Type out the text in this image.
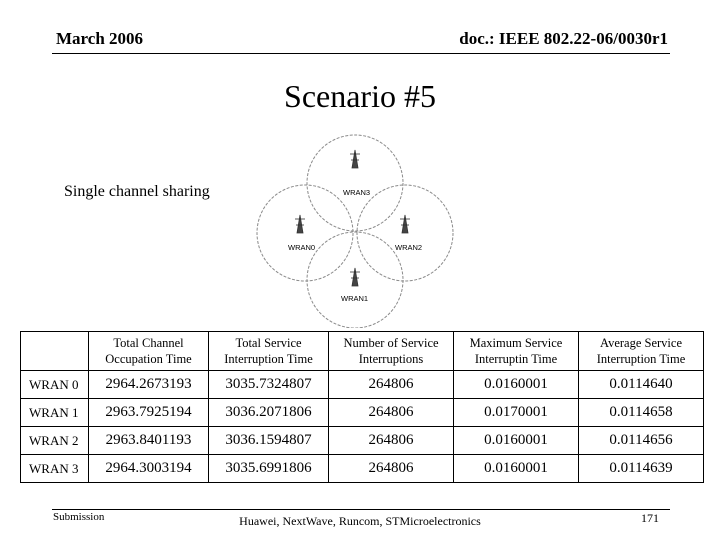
March 2006	doc.: IEEE 802.22-06/0030r1
Scenario #5
Single channel sharing	WRAN3
WRAN0	WRAN2
WRAN1
	Total Channel Occupation Time	Total Service Interruption Time	Number of Service Interruptions	Maximum Service Interruptin Time	Average Service Interruption Time
WRAN 0	2964.2673193	3035.7324807	264806	0.0160001	0.0114640
WRAN 1	2963.7925194	3036.2071806	264806	0.0170001	0.0114658
WRAN 2	2963.8401193	3036.1594807	264806	0.0160001	0.0114656
WRAN 3	2964.3003194	3035.6991806	264806	0.0160001	0.0114639
Submission	Huawei, NextWave, Runcom, STMicroelectronics	171
